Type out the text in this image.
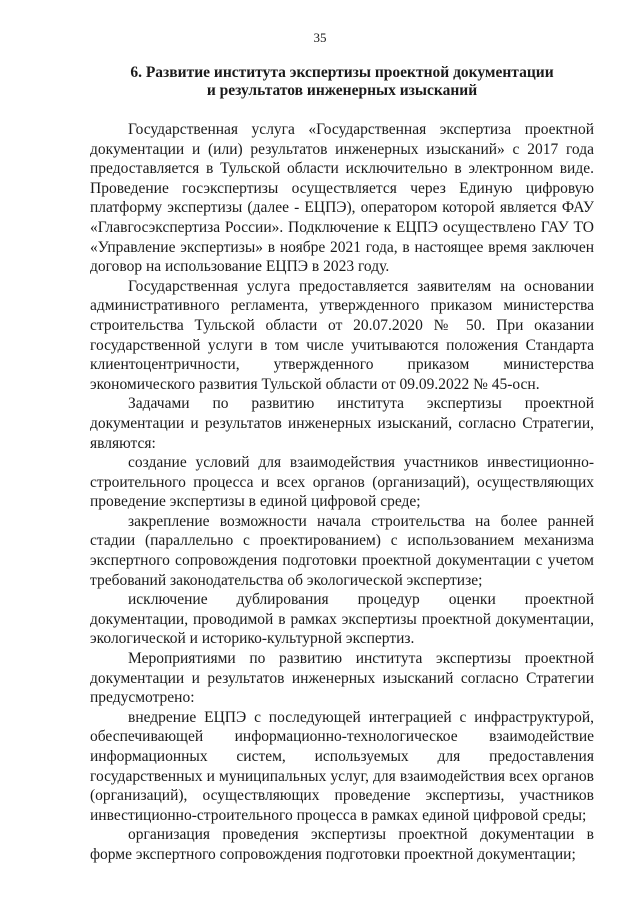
35
6. Развитие института экспертизы проектной документации
и результатов инженерных изысканий

Государственная услуга «Государственная экспертиза проектной документации и (или) результатов инженерных изысканий» с 2017 года предоставляется в Тульской области исключительно в электронном виде. Проведение госэкспертизы осуществляется через Единую цифровую платформу экспертизы (далее - ЕЦПЭ), оператором которой является ФАУ «Главгосэкспертиза России». Подключение к ЕЦПЭ осуществлено ГАУ ТО «Управление экспертизы» в ноябре 2021 года, в настоящее время заключен договор на использование ЕЦПЭ в 2023 году.

Государственная услуга предоставляется заявителям на основании административного регламента, утвержденного приказом министерства строительства Тульской области от 20.07.2020 № 50. При оказании государственной услуги в том числе учитываются положения Стандарта клиентоцентричности, утвержденного приказом министерства экономического развития Тульской области от 09.09.2022 № 45-осн.

Задачами по развитию института экспертизы проектной документации и результатов инженерных изысканий, согласно Стратегии, являются:

создание условий для взаимодействия участников инвестиционно-строительного процесса и всех органов (организаций), осуществляющих проведение экспертизы в единой цифровой среде;

закрепление возможности начала строительства на более ранней стадии (параллельно с проектированием) с использованием механизма экспертного сопровождения подготовки проектной документации с учетом требований законодательства об экологической экспертизе;

исключение дублирования процедур оценки проектной документации, проводимой в рамках экспертизы проектной документации, экологической и историко-культурной экспертиз.

Мероприятиями по развитию института экспертизы проектной документации и результатов инженерных изысканий согласно Стратегии предусмотрено:

внедрение ЕЦПЭ с последующей интеграцией с инфраструктурой, обеспечивающей информационно-технологическое взаимодействие информационных систем, используемых для предоставления государственных и муниципальных услуг, для взаимодействия всех органов (организаций), осуществляющих проведение экспертизы, участников инвестиционно-строительного процесса в рамках единой цифровой среды;

организация проведения экспертизы проектной документации в форме экспертного сопровождения подготовки проектной документации;
